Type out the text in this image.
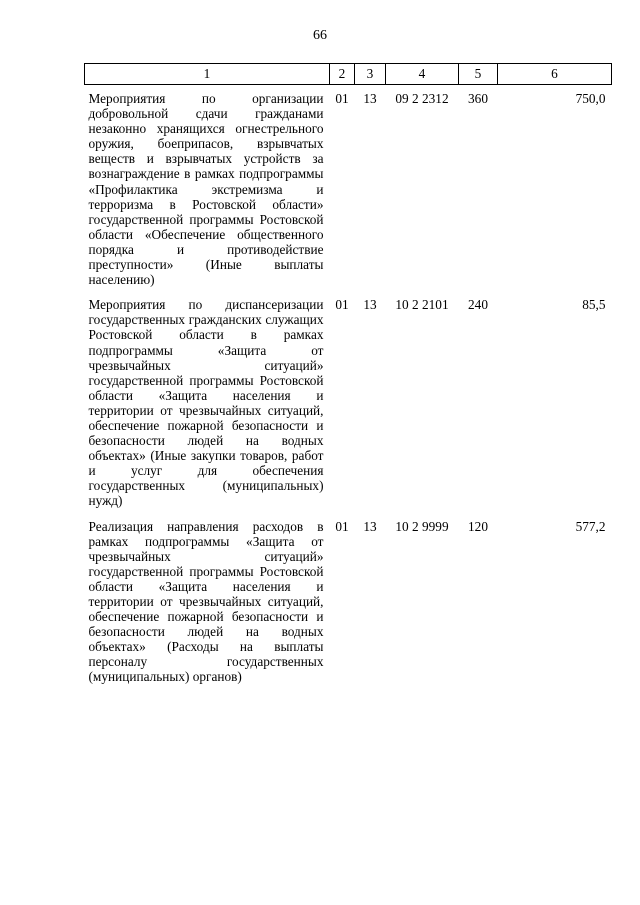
66
1	2	3	4	5	6
Мероприятия по организации добровольной сдачи гражданами незаконно хранящихся огнестрельного оружия, боеприпасов, взрывчатых веществ и взрывчатых устройств за вознаграждение в рамках подпрограммы «Профилактика экстремизма и терроризма в Ростовской области» государственной программы Ростовской области «Обеспечение общественного порядка и противодействие преступности» (Иные выплаты населению)	01	13	09 2 2312	360	750,0
Мероприятия по диспансеризации государственных гражданских служащих Ростовской области в рамках подпрограммы «Защита от чрезвычайных ситуаций» государственной программы Ростовской области «Защита населения и территории от чрезвычайных ситуаций, обеспечение пожарной безопасности и безопасности людей на водных объектах» (Иные закупки товаров, работ и услуг для обеспечения государственных (муниципальных) нужд)	01	13	10 2 2101	240	85,5
Реализация направления расходов в рамках подпрограммы «Защита от чрезвычайных ситуаций» государственной программы Ростовской области «Защита населения и территории от чрезвычайных ситуаций, обеспечение пожарной безопасности и безопасности людей на водных объектах» (Расходы на выплаты персоналу государственных (муниципальных) органов)	01	13	10 2 9999	120	577,2
